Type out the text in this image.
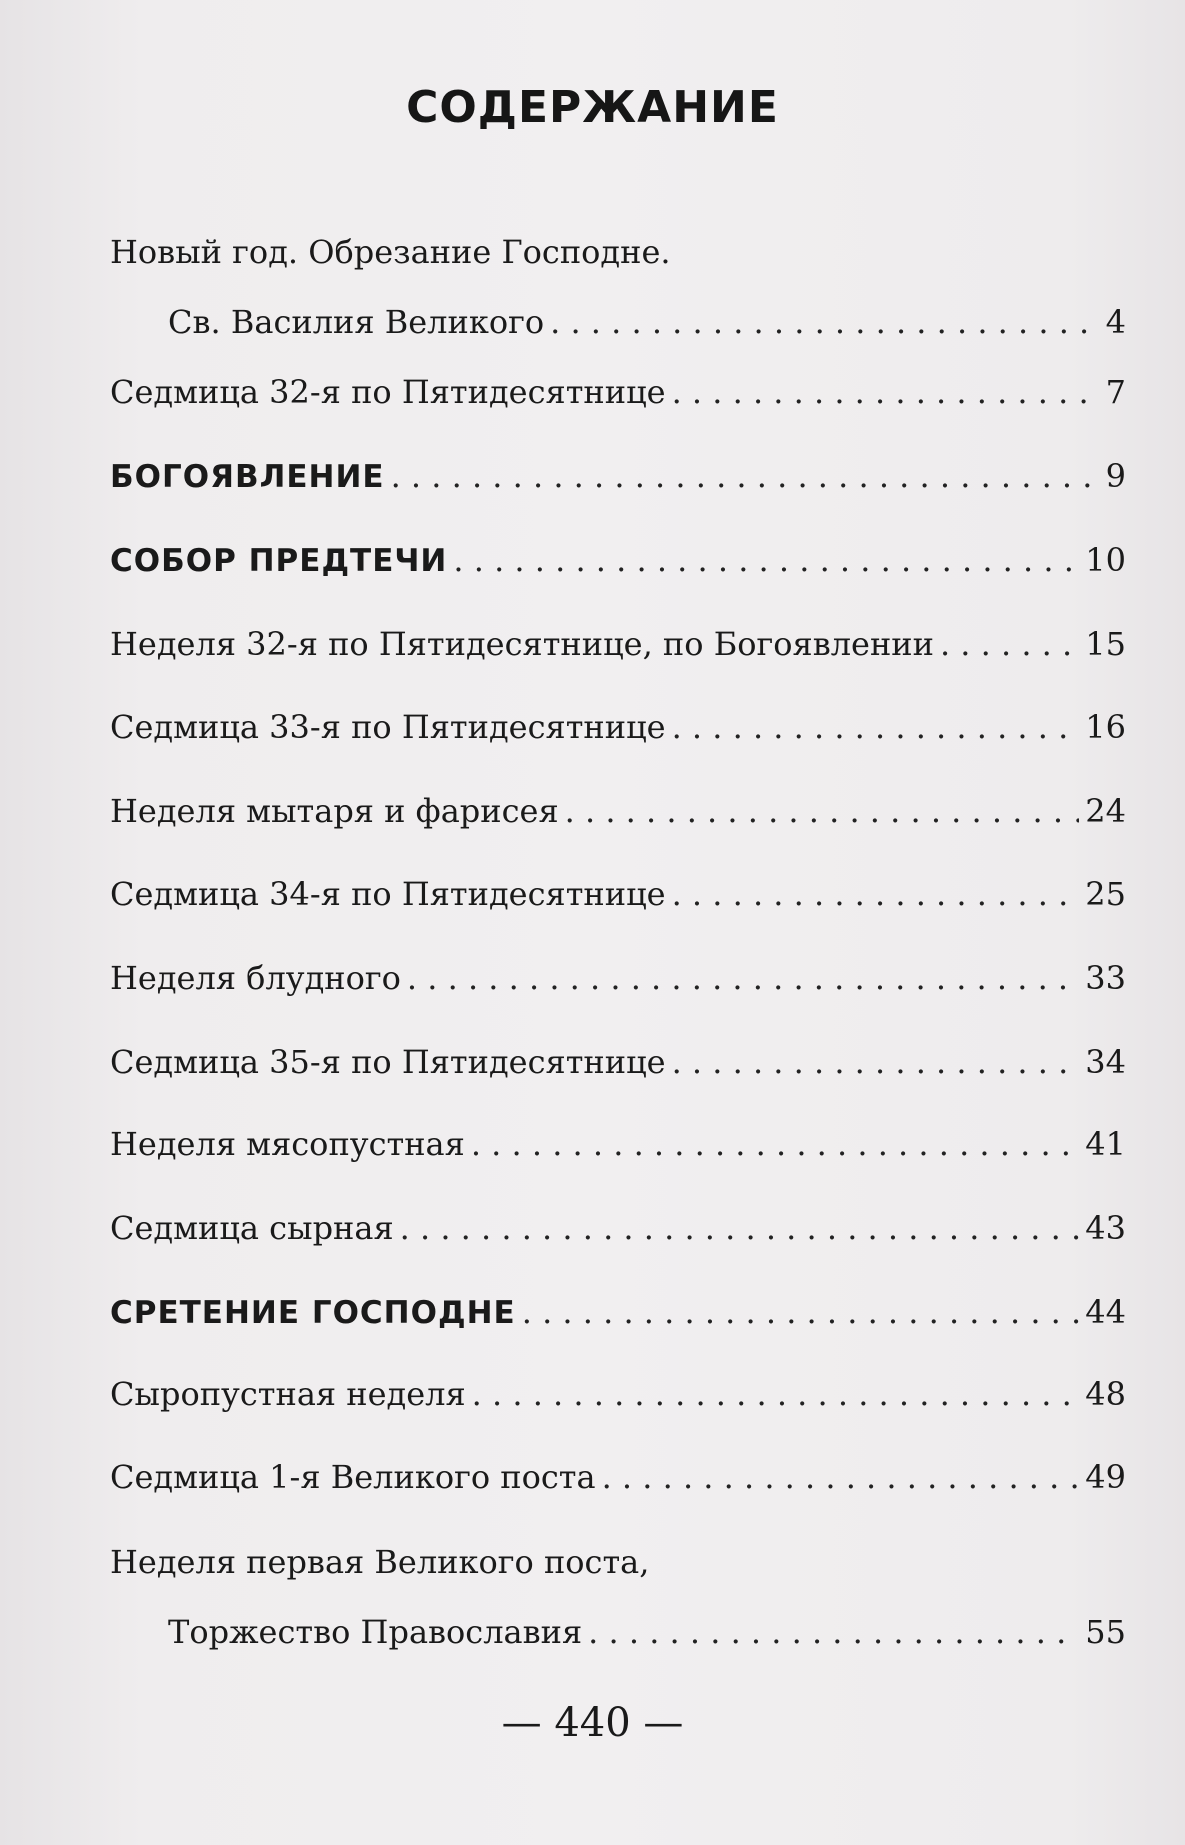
СОДЕРЖАНИЕ
Новый год. Обрезание Господне.
Св. Василия Великого . . .	4
Седмица 32-я по Пятидесятнице . . .	7
БОГОЯВЛЕНИЕ . . .	9
СОБОР ПРЕДТЕЧИ . . .	10
Неделя 32-я по Пятидесятнице, по Богоявлении . . .	15
Седмица 33-я по Пятидесятнице . . .	16
Неделя мытаря и фарисея . . .	24
Седмица 34-я по Пятидесятнице . . .	25
Неделя блудного . . .	33
Седмица 35-я по Пятидесятнице . . .	34
Неделя мясопустная . . .	41
Седмица сырная . . .	43
СРЕТЕНИЕ ГОСПОДНЕ . . .	44
Сыропустная неделя . . .	48
Седмица 1-я Великого поста . . .	49
Неделя первая Великого поста,
Торжество Православия . . .	55
— 440 —
